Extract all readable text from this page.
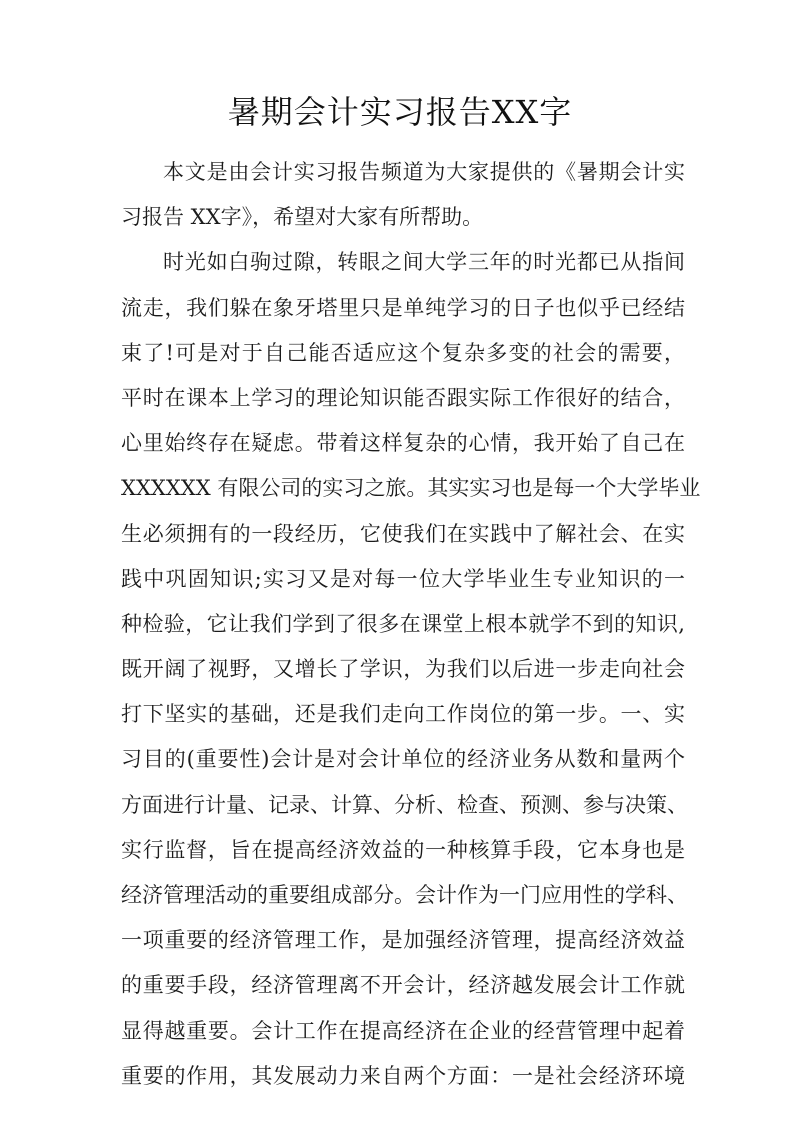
暑期会计实习报告XX字
本文是由会计实习报告频道为大家提供的《暑期会计实
习报告 XX字》，希望对大家有所帮助。
时光如白驹过隙，转眼之间大学三年的时光都已从指间
流走，我们躲在象牙塔里只是单纯学习的日子也似乎已经结
束了!可是对于自己能否适应这个复杂多变的社会的需要，
平时在课本上学习的理论知识能否跟实际工作很好的结合，
心里始终存在疑虑。带着这样复杂的心情，我开始了自己在
XXXXXX 有限公司的实习之旅。其实实习也是每一个大学毕业
生必须拥有的一段经历，它使我们在实践中了解社会、在实
践中巩固知识;实习又是对每一位大学毕业生专业知识的一
种检验，它让我们学到了很多在课堂上根本就学不到的知识,
既开阔了视野，又增长了学识，为我们以后进一步走向社会
打下坚实的基础，还是我们走向工作岗位的第一步。一、实
习目的(重要性)会计是对会计单位的经济业务从数和量两个
方面进行计量、记录、计算、分析、检查、预测、参与决策、
实行监督，旨在提高经济效益的一种核算手段，它本身也是
经济管理活动的重要组成部分。会计作为一门应用性的学科、
一项重要的经济管理工作，是加强经济管理，提高经济效益
的重要手段，经济管理离不开会计，经济越发展会计工作就
显得越重要。会计工作在提高经济在企业的经营管理中起着
重要的作用，其发展动力来自两个方面：一是社会经济环境
